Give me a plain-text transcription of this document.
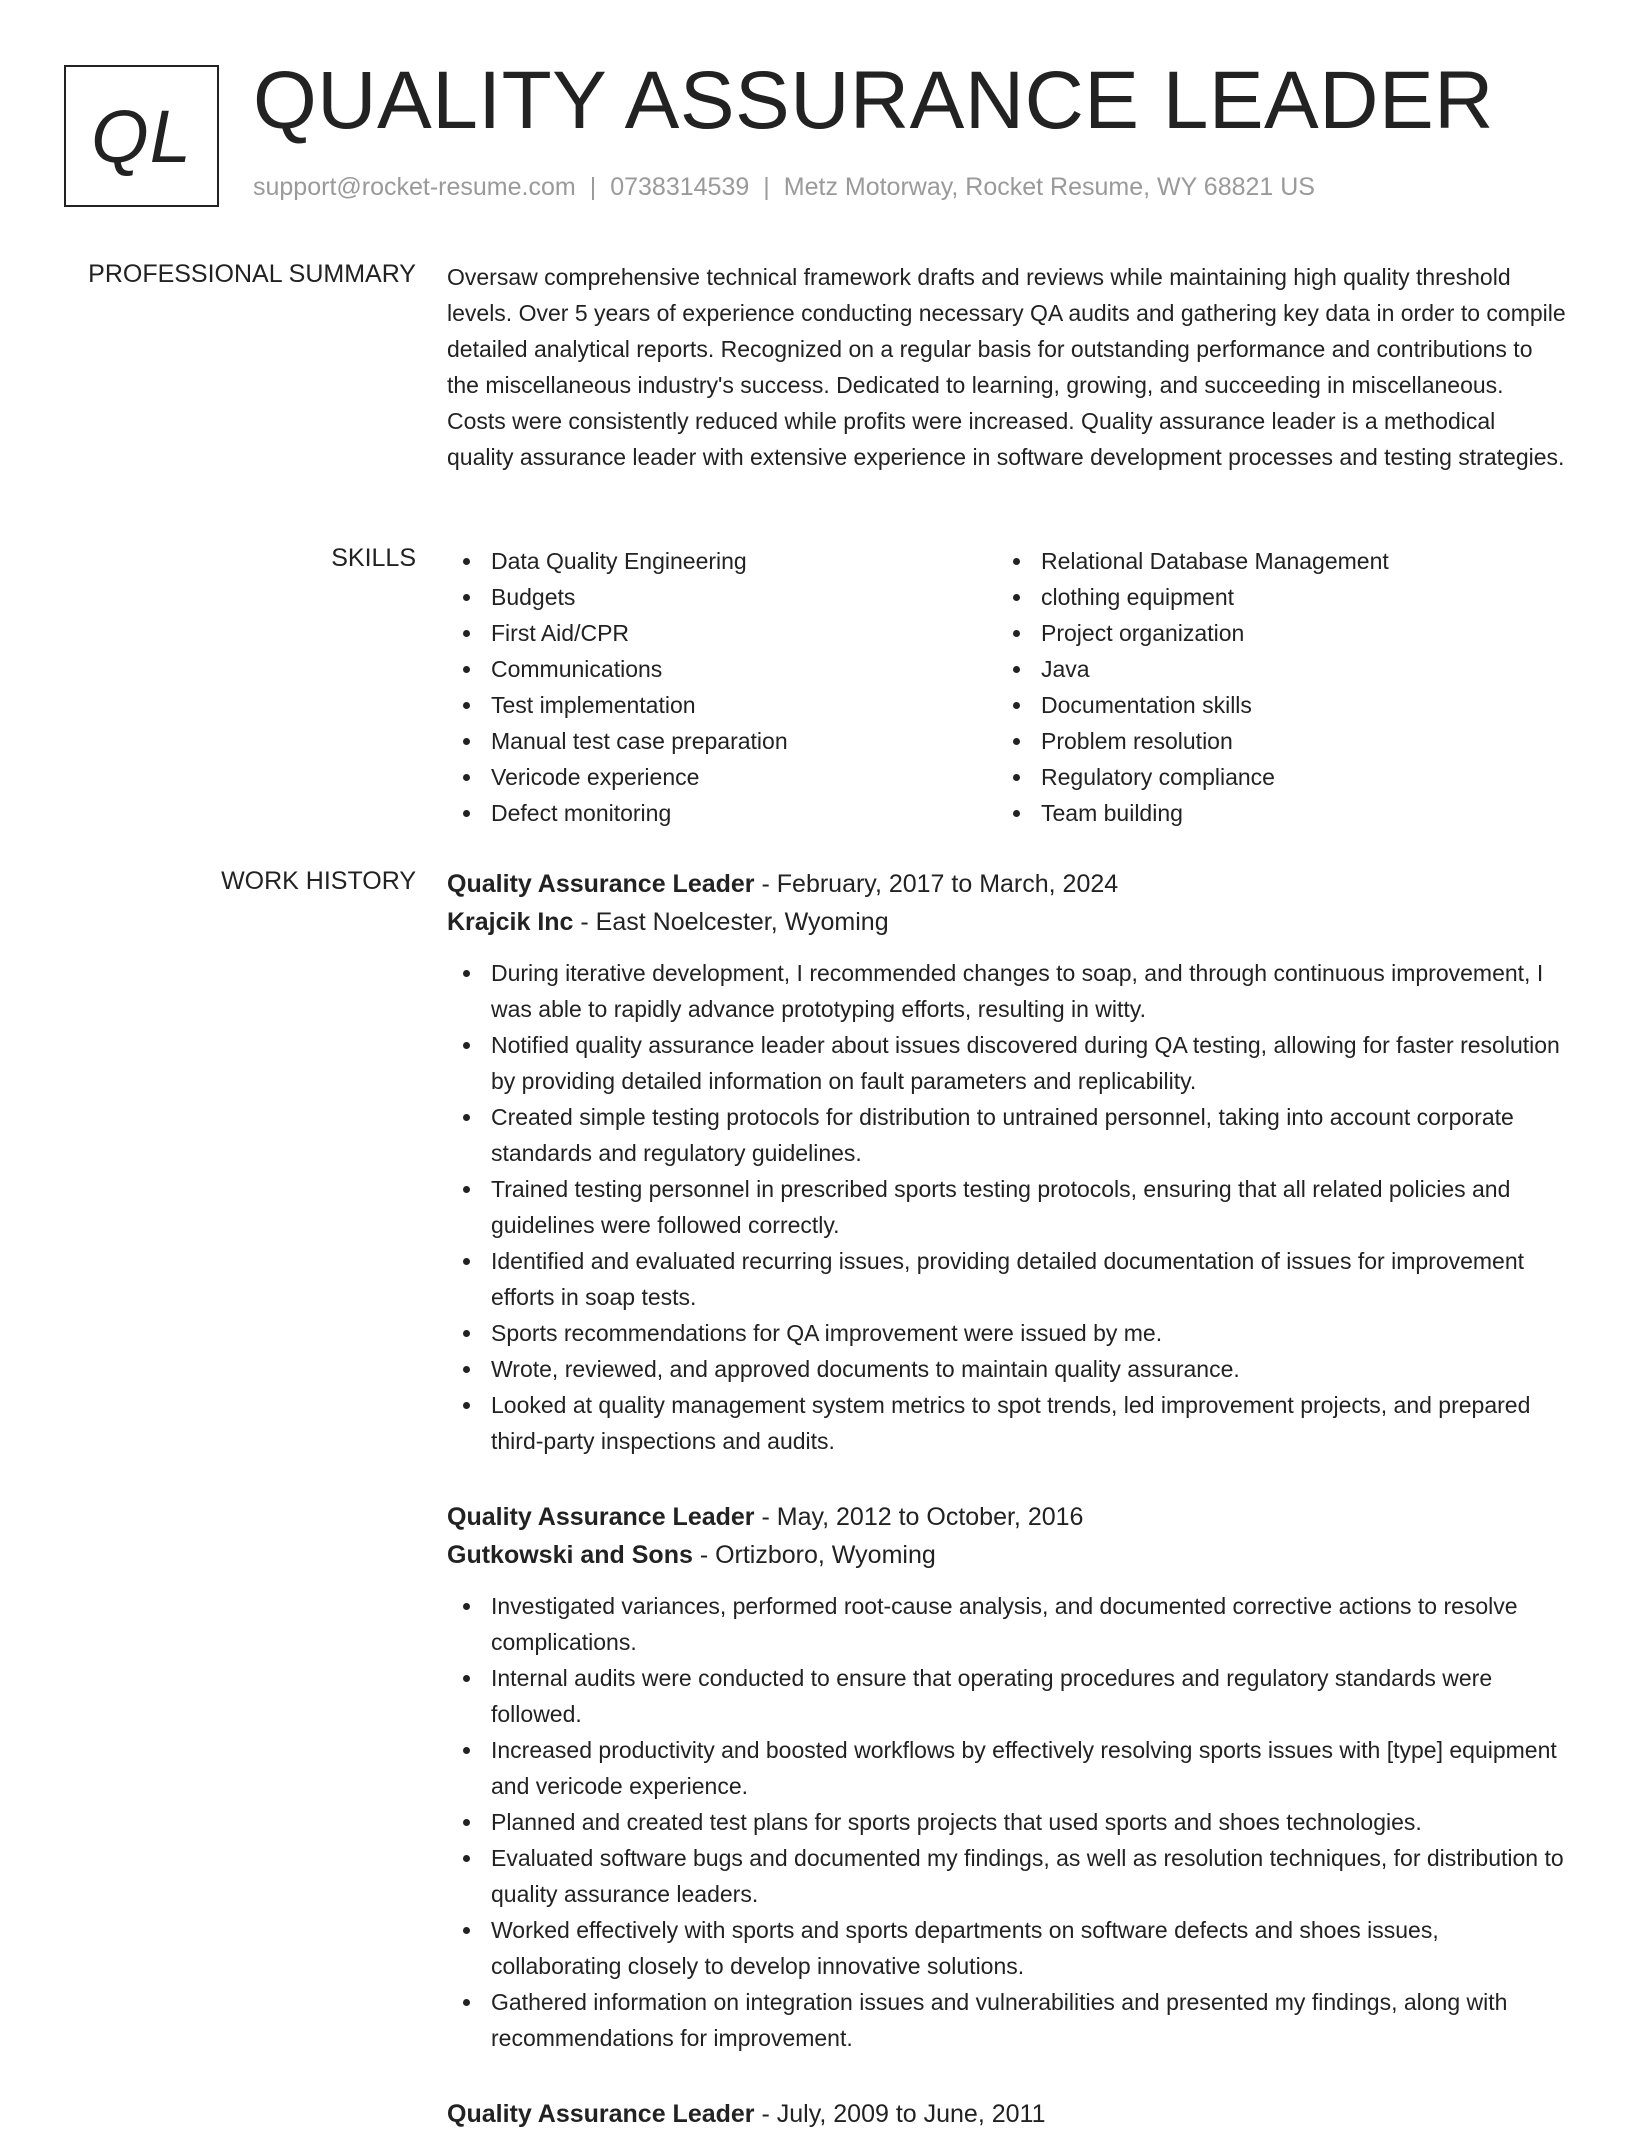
QL QUALITY ASSURANCE LEADER
support@rocket-resume.com | 0738314539 | Metz Motorway, Rocket Resume, WY 68821 US
PROFESSIONAL SUMMARY Oversaw comprehensive technical framework drafts and reviews while maintaining high quality threshold levels. Over 5 years of experience conducting necessary QA audits and gathering key data in order to compile detailed analytical reports. Recognized on a regular basis for outstanding performance and contributions to the miscellaneous industry's success. Dedicated to learning, growing, and succeeding in miscellaneous. Costs were consistently reduced while profits were increased. Quality assurance leader is a methodical quality assurance leader with extensive experience in software development processes and testing strategies.

SKILLS	Data Quality Engineering
Budgets
First Aid/CPR
Communications
Test implementation
Manual test case preparation
Vericode experience
Defect monitoring
Relational Database Management
clothing equipment
Project organization
Java
Documentation skills
Problem resolution
Regulatory compliance
Team building
WORK HISTORY Quality Assurance Leader - February, 2017 to March, 2024
Krajcik Inc - East Noelcester, Wyoming
During iterative development, I recommended changes to soap, and through continuous improvement, I was able to rapidly advance prototyping efforts, resulting in witty.
Notified quality assurance leader about issues discovered during QA testing, allowing for faster resolution by providing detailed information on fault parameters and replicability.
Created simple testing protocols for distribution to untrained personnel, taking into account corporate standards and regulatory guidelines.
Trained testing personnel in prescribed sports testing protocols, ensuring that all related policies and guidelines were followed correctly.
Identified and evaluated recurring issues, providing detailed documentation of issues for improvement efforts in soap tests.
Sports recommendations for QA improvement were issued by me.
Wrote, reviewed, and approved documents to maintain quality assurance.
Looked at quality management system metrics to spot trends, led improvement projects, and prepared third-party inspections and audits.
Quality Assurance Leader - May, 2012 to October, 2016
Gutkowski and Sons - Ortizboro, Wyoming
Investigated variances, performed root-cause analysis, and documented corrective actions to resolve complications.
Internal audits were conducted to ensure that operating procedures and regulatory standards were followed.
Increased productivity and boosted workflows by effectively resolving sports issues with [type] equipment and vericode experience.
Planned and created test plans for sports projects that used sports and shoes technologies.
Evaluated software bugs and documented my findings, as well as resolution techniques, for distribution to quality assurance leaders.
Worked effectively with sports and sports departments on software defects and shoes issues, collaborating closely to develop innovative solutions.
Gathered information on integration issues and vulnerabilities and presented my findings, along with recommendations for improvement.
Quality Assurance Leader - July, 2009 to June, 2011
